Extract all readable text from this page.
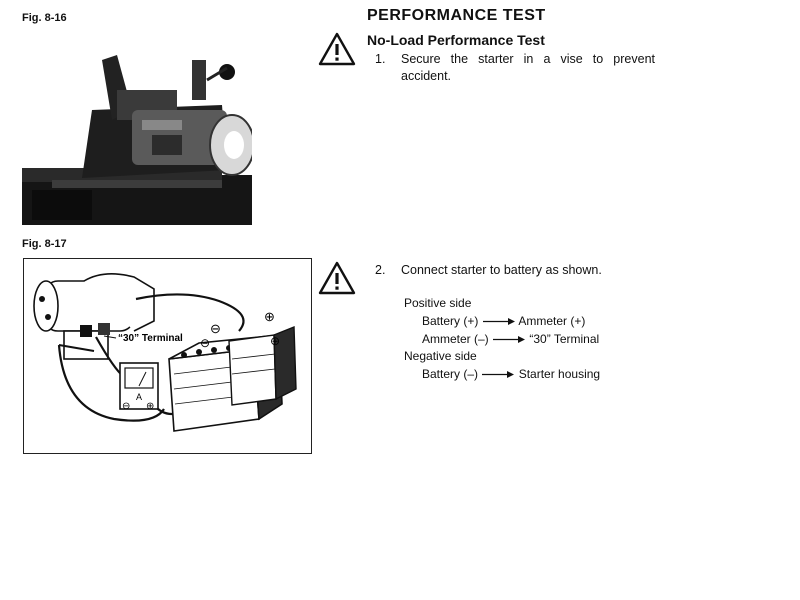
Fig. 8-16
Fig. 8-17
“30” Terminal
⊖
⊕
⊖	⊕
A
⊖ ⊕
PERFORMANCE TEST
No-Load Performance Test
1.	Secure the starter in a vise to prevent accident.
2.	Connect starter to battery as shown.
Positive side
Battery (+)	Ammeter (+)
Ammeter (–)	“30” Terminal
Negative side
Battery (–)	Starter housing
